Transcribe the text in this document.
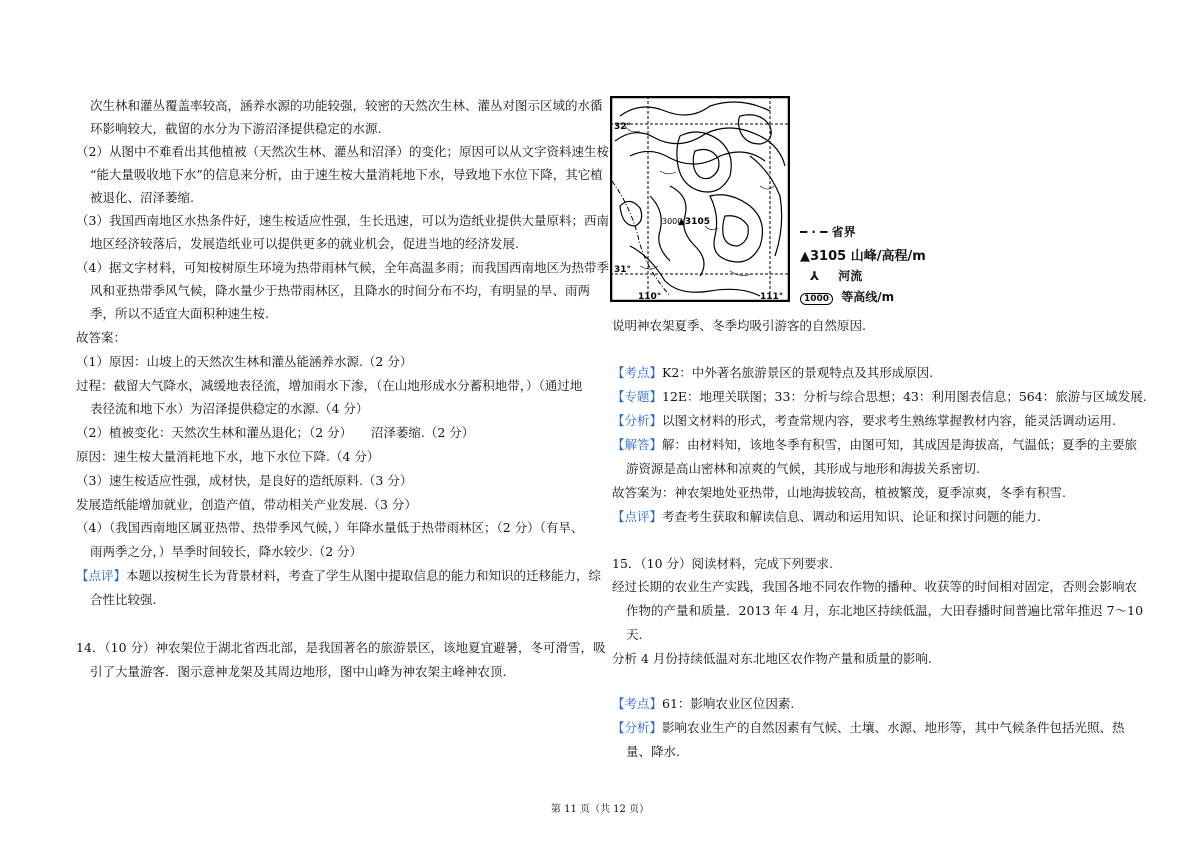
次生林和灌丛覆盖率较高，涵养水源的功能较强，较密的天然次生林、灌丛对图示区域的水循
环影响较大，截留的水分为下游沼泽提供稳定的水源.
（2）从图中不难看出其他植被（天然次生林、灌丛和沼泽）的变化；原因可以从文字资料速生桉
“能大量吸收地下水”的信息来分析，由于速生桉大量消耗地下水，导致地下水位下降，其它植
被退化、沼泽萎缩.
（3）我国西南地区水热条件好，速生桉适应性强，生长迅速，可以为造纸业提供大量原料；西南
地区经济较落后，发展造纸业可以提供更多的就业机会，促进当地的经济发展.
（4）据文字材料，可知桉树原生环境为热带雨林气候，全年高温多雨；而我国西南地区为热带季
风和亚热带季风气候，降水量少于热带雨林区，且降水的时间分布不均，有明显的旱、雨两
季，所以不适宜大面积种速生桉.
故答案：
（1）原因：山坡上的天然次生林和灌丛能涵养水源.（2 分）
过程：截留大气降水，减缓地表径流，增加雨水下渗，（在山地形成水分蓄积地带，）（通过地
表径流和地下水）为沼泽提供稳定的水源.（4 分）
（2）植被变化：天然次生林和灌丛退化；（2 分）　　沼泽萎缩.（2 分）
原因：速生桉大量消耗地下水，地下水位下降.（4 分）
（3）速生桉适应性强，成材快，是良好的造纸原料.（3 分）
发展造纸能增加就业，创造产值，带动相关产业发展.（3 分）
（4）（我国西南地区属亚热带、热带季风气候，）年降水量低于热带雨林区；（2 分）（有旱、
雨两季之分，）旱季时间较长，降水较少.（2 分）
【点评】本题以按树生长为背景材料，考查了学生从图中提取信息的能力和知识的迁移能力，综
合性比较强.
14．（10 分）神农架位于湖北省西北部，是我国著名的旅游景区，该地夏宜避暑，冬可滑雪，吸
引了大量游客．图示意神龙架及其周边地形，图中山峰为神农架主峰神农顶.
32°
31°
110°	111°
3000
▲3105
━ · ━ 省界
▲3105 山峰/高程/m
⅄ 河流
1000 等高线/m
说明神农架夏季、冬季均吸引游客的自然原因.
【考点】K2：中外著名旅游景区的景观特点及其形成原因.
【专题】12E：地理关联图；33：分析与综合思想；43：利用图表信息；564：旅游与区域发展.
【分析】以图文材料的形式，考查常规内容，要求考生熟练掌握教材内容，能灵活调动运用.
【解答】解：由材料知，该地冬季有积雪，由图可知，其成因是海拔高，气温低；夏季的主要旅
游资源是高山密林和凉爽的气候，其形成与地形和海拔关系密切.
故答案为：神农架地处亚热带，山地海拔较高，植被繁茂，夏季凉爽，冬季有积雪.
【点评】考查考生获取和解读信息、调动和运用知识、论证和探讨问题的能力.
15．（10 分）阅读材料，完成下列要求.
经过长期的农业生产实践，我国各地不同农作物的播种、收获等的时间相对固定，否则会影响农
作物的产量和质量．2013 年 4 月，东北地区持续低温，大田春播时间普遍比常年推迟 7～10
天.
分析 4 月份持续低温对东北地区农作物产量和质量的影响.
【考点】61：影响农业区位因素.
【分析】影响农业生产的自然因素有气候、土壤、水源、地形等，其中气候条件包括光照、热
量、降水.
第 11 页（共 12 页）
